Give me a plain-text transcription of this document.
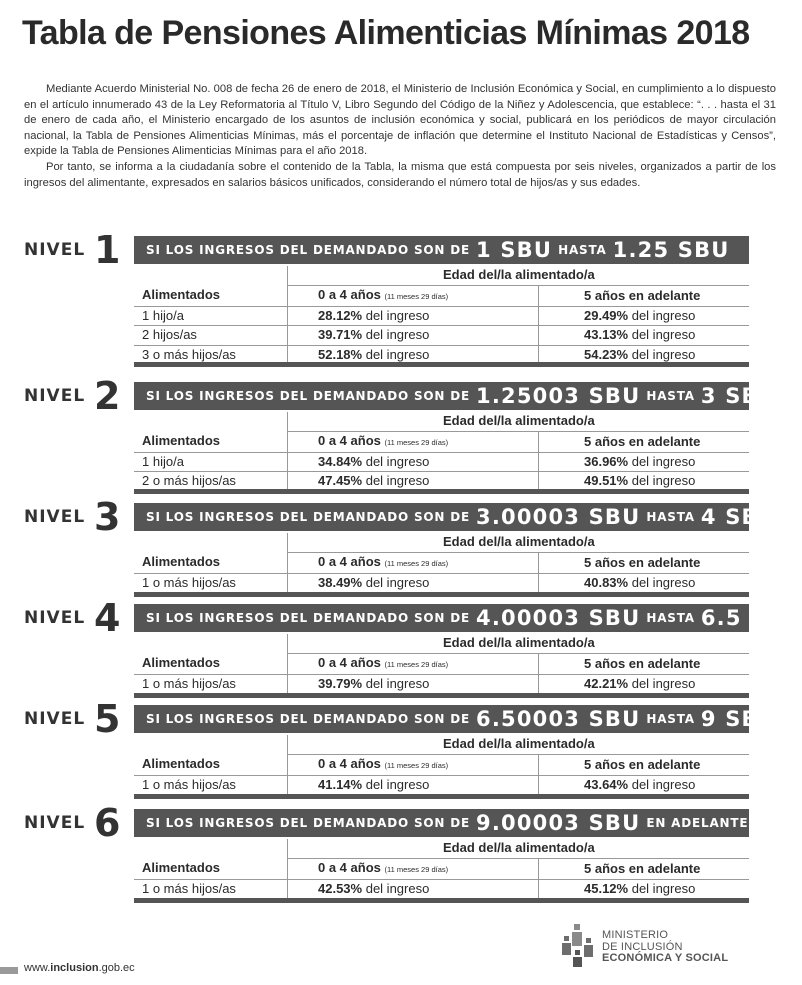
Tabla de Pensiones Alimenticias Mínimas 2018

Mediante Acuerdo Ministerial No. 008 de fecha 26 de enero de 2018, el Ministerio de Inclusión Económica y Social, en cumplimiento a lo dispuesto en el artículo innumerado 43 de la Ley Reformatoria al Título V, Libro Segundo del Código de la Niñez y Adolescencia, que establece: “. . . hasta el 31 de enero de cada año, el Ministerio encargado de los asuntos de inclusión económica y social, publicará en los periódicos de mayor circulación nacional, la Tabla de Pensiones Alimenticias Mínimas, más el porcentaje de inflación que determine el Instituto Nacional de Estadísticas y Censos”, expide la Tabla de Pensiones Alimenticias Mínimas para el año 2018.

Por tanto, se informa a la ciudadanía sobre el contenido de la Tabla, la misma que está compuesta por seis niveles, organizados a partir de los ingresos del alimentante, expresados en salarios básicos unificados, considerando el número total de hijos/as y sus edades.

NIVEL 1 SI LOS INGRESOS DEL DEMANDADO SON DE 1 SBU HASTA 1.25 SBU
	Edad del/la alimentado/a	
Alimentados	0 a 4 años (11 meses 29 días)	5 años en adelante
1 hijo/a	28.12% del ingreso	29.49% del ingreso
2 hijos/as	39.71% del ingreso	43.13% del ingreso
3 o más hijos/as	52.18% del ingreso	54.23% del ingreso
NIVEL 2 SI LOS INGRESOS DEL DEMANDADO SON DE 1.25003 SBU HASTA 3 SBU
	Edad del/la alimentado/a	
Alimentados	0 a 4 años (11 meses 29 días)	5 años en adelante
1 hijo/a	34.84% del ingreso	36.96% del ingreso
2 o más hijos/as	47.45% del ingreso	49.51% del ingreso
NIVEL 3 SI LOS INGRESOS DEL DEMANDADO SON DE 3.00003 SBU HASTA 4 SBU
	Edad del/la alimentado/a	
Alimentados	0 a 4 años (11 meses 29 días)	5 años en adelante
1 o más hijos/as	38.49% del ingreso	40.83% del ingreso
NIVEL 4 SI LOS INGRESOS DEL DEMANDADO SON DE 4.00003 SBU HASTA 6.5 SBU
	Edad del/la alimentado/a	
Alimentados	0 a 4 años (11 meses 29 días)	5 años en adelante
1 o más hijos/as	39.79% del ingreso	42.21% del ingreso
NIVEL 5 SI LOS INGRESOS DEL DEMANDADO SON DE 6.50003 SBU HASTA 9 SBU
	Edad del/la alimentado/a	
Alimentados	0 a 4 años (11 meses 29 días)	5 años en adelante
1 o más hijos/as	41.14% del ingreso	43.64% del ingreso
NIVEL 6 SI LOS INGRESOS DEL DEMANDADO SON DE 9.00003 SBU EN ADELANTE
	Edad del/la alimentado/a	
Alimentados	0 a 4 años (11 meses 29 días)	5 años en adelante
1 o más hijos/as	42.53% del ingreso	45.12% del ingreso
MINISTERIO
DE INCLUSIÓN
ECONÓMICA Y SOCIAL
www.inclusion.gob.ec
